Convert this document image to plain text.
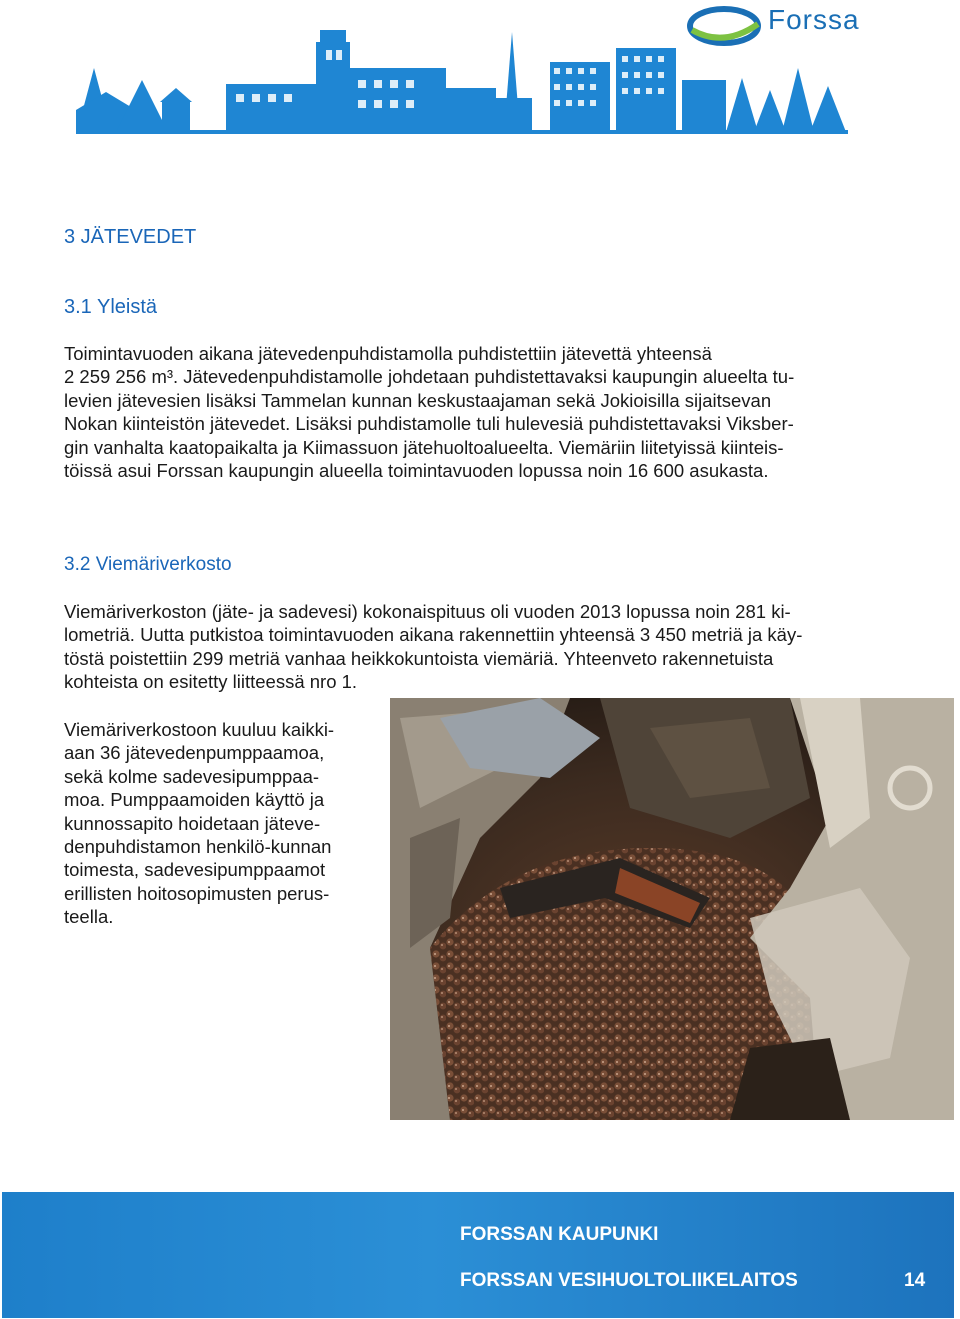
Forssa
3 JÄTEVEDET
3.1 Yleistä

Toimintavuoden aikana jätevedenpuhdistamolla puhdistettiin jätevettä yhteensä
2 259 256 m³. Jätevedenpuhdistamolle johdetaan puhdistettavaksi kaupungin alueelta tu-
levien jätevesien lisäksi Tammelan kunnan keskustaajaman sekä Jokioisilla sijaitsevan
Nokan kiinteistön jätevedet. Lisäksi puhdistamolle tuli hulevesiä puhdistettavaksi Viksber-
gin vanhalta kaatopaikalta ja Kiimassuon jätehuoltoalueelta. Viemäriin liitetyissä kiinteis-
töissä asui Forssan kaupungin alueella toimintavuoden lopussa noin 16 600 asukasta.

3.2 Viemäriverkosto

Viemäriverkoston (jäte- ja sadevesi) kokonaispituus oli vuoden 2013 lopussa noin 281 ki-
lometriä. Uutta putkistoa toimintavuoden aikana rakennettiin yhteensä 3 450 metriä ja käy-
töstä poistettiin 299 metriä vanhaa heikkokuntoista viemäriä. Yhteenveto rakennetuista
kohteista on esitetty liitteessä nro 1.

Viemäriverkostoon kuuluu kaikki-
aan 36 jätevedenpumppaamoa,
sekä kolme sadevesipumppaa-
moa. Pumppaamoiden käyttö ja
kunnossapito hoidetaan jäteve-
denpuhdistamon henkilö-kunnan
toimesta, sadevesipumppaamot
erillisten hoitosopimusten perus-
teella.

FORSSAN KAUPUNKI
FORSSAN VESIHUOLTOLIIKELAITOS	14
